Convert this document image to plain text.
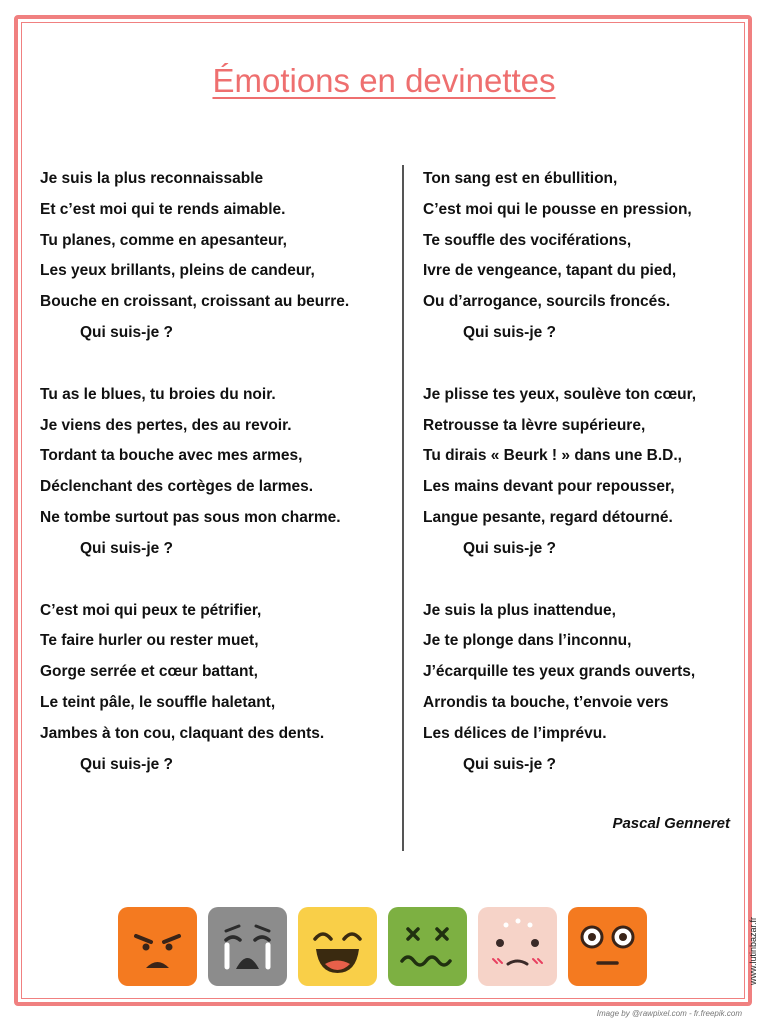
Émotions en devinettes
Je suis la plus reconnaissable
Et c’est moi qui te rends aimable.
Tu planes, comme en apesanteur,
Les yeux brillants, pleins de candeur,
Bouche en croissant, croissant au beurre.
Qui suis-je ?
Tu as le blues, tu broies du noir.
Je viens des pertes, des au revoir.
Tordant ta bouche avec mes armes,
Déclenchant des cortèges de larmes.
Ne tombe surtout pas sous mon charme.
Qui suis-je ?
C’est moi qui peux te pétrifier,
Te faire hurler ou rester muet,
Gorge serrée et cœur battant,
Le teint pâle, le souffle haletant,
Jambes à ton cou, claquant des dents.
Qui suis-je ?
Ton sang est en ébullition,
C’est moi qui le pousse en pression,
Te souffle des vociférations,
Ivre de vengeance, tapant du pied,
Ou d’arrogance, sourcils froncés.
Qui suis-je ?
Je plisse tes yeux, soulève ton cœur,
Retrousse ta lèvre supérieure,
Tu dirais « Beurk ! » dans une B.D.,
Les mains devant pour repousser,
Langue pesante, regard détourné.
Qui suis-je ?
Je suis la plus inattendue,
Je te plonge dans l’inconnu,
J’écarquille tes yeux grands ouverts,
Arrondis ta bouche, t’envoie vers
Les délices de l’imprévu.
Qui suis-je ?
Pascal Genneret
www.lutinbazar.fr
Image by @rawpixel.com - fr.freepik.com
